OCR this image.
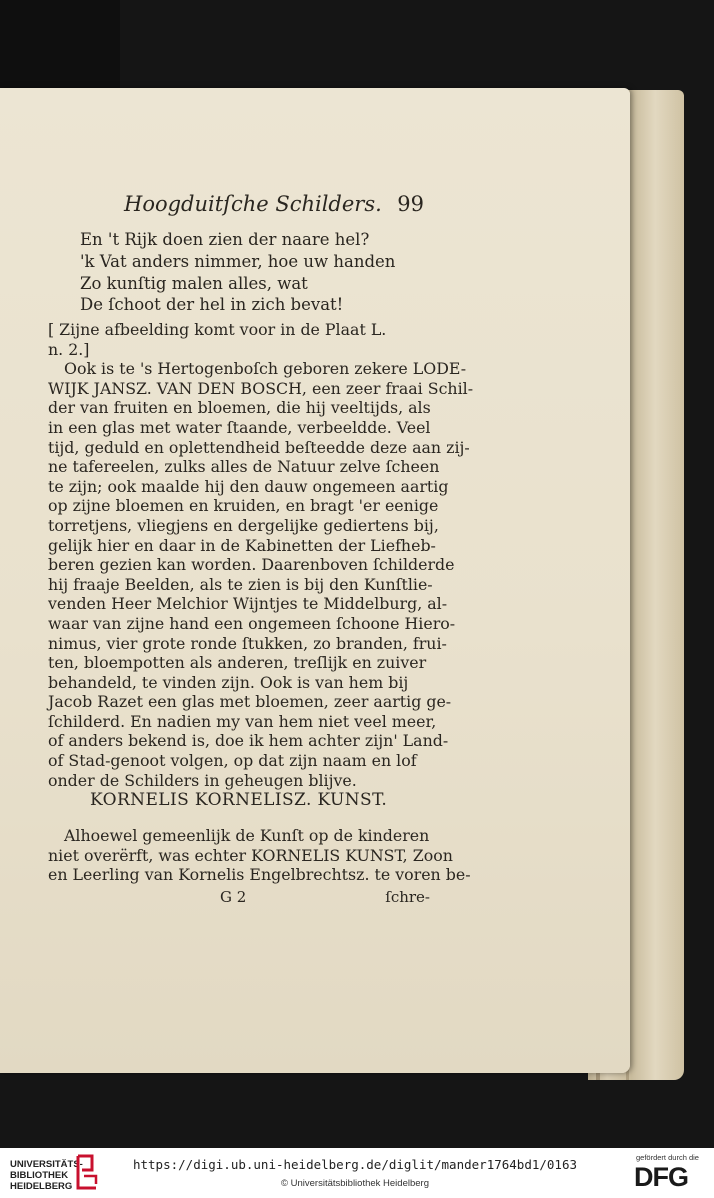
Hoogduitſche Schilders. 99
En 't Rijk doen zien der naare hel?
'k Vat anders nimmer, hoe uw handen
Zo kunſtig malen alles, wat
De ſchoot der hel in zich bevat!
[ Zijne afbeelding komt voor in de Plaat L.
n. 2.]
Ook is te 's Hertogenboſch geboren zekere LODE-
WIJK JANSZ. VAN DEN BOSCH, een zeer fraai Schil-
der van fruiten en bloemen, die hij veeltijds, als
in een glas met water ſtaande, verbeeldde. Veel
tijd, geduld en oplettendheid beſteedde deze aan zij-
ne tafereelen, zulks alles de Natuur zelve ſcheen
te zijn; ook maalde hij den dauw ongemeen aartig
op zijne bloemen en kruiden, en bragt 'er eenige
torretjens, vliegjens en dergelijke gediertens bij,
gelijk hier en daar in de Kabinetten der Liefheb-
beren gezien kan worden. Daarenboven ſchilderde
hij fraaje Beelden, als te zien is bij den Kunſtlie-
venden Heer Melchior Wijntjes te Middelburg, al-
waar van zijne hand een ongemeen ſchoone Hiero-
nimus, vier grote ronde ſtukken, zo branden, frui-
ten, bloempotten als anderen, treſlijk en zuiver
behandeld, te vinden zijn. Ook is van hem bij
Jacob Razet een glas met bloemen, zeer aartig ge-
ſchilderd. En nadien my van hem niet veel meer,
of anders bekend is, doe ik hem achter zijn' Land-
of Stad-genoot volgen, op dat zijn naam en lof
onder de Schilders in geheugen blijve.
KORNELIS KORNELISZ. KUNST.
Alhoewel gemeenlijk de Kunſt op de kinderen
niet overërft, was echter KORNELIS KUNST, Zoon
en Leerling van Kornelis Engelbrechtsz. te voren be-
G 2	ſchre-
UNIVERSITÄTS-
BIBLIOTHEK
HEIDELBERG
https://digi.ub.uni-heidelberg.de/diglit/mander1764bd1/0163
© Universitätsbibliothek Heidelberg
gefördert durch die
DFG
